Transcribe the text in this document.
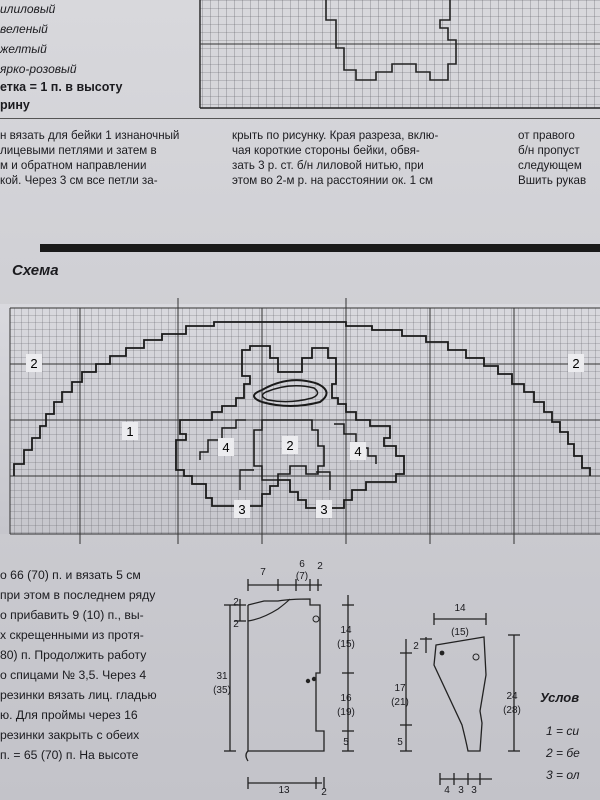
илиловый
веленый
желтый
ярко-розовый
етка = 1 п. в высоту
рину
н вязать для бейки 1 изнаночный
лицевыми петлями и затем в
м и обратном направлении
кой. Через 3 см все петли за-
крыть по рисунку. Края разреза, вклю-
чая короткие стороны бейки, обвя-
зать 3 р. ст. б/н лиловой нитью, при
этом во 2-м р. на расстоянии ок. 1 см
от правого
б/н пропуст
следующем
Вшить рукав
Схема
2	2
1
4	2	4
3	3
о 66 (70) п. и вязать 5 см
при этом в последнем ряду
о прибавить 9 (10) п., вы-
х скрещенными из протя-
80) п. Продолжить работу
о спицами № 3,5. Через 4
резинки вязать лиц. гладью
ю. Для проймы через 16
резинки закрыть с обеих
п. = 65 (70) п. На высоте
7
6
(7)
2
2
2
14
(15)
31
(35)
16
(19)
5
13	2
14
(15)
2
17
(21)
24
(28)
5
4 3 3
Услов
1 = си
2 = бе
3 = ол
